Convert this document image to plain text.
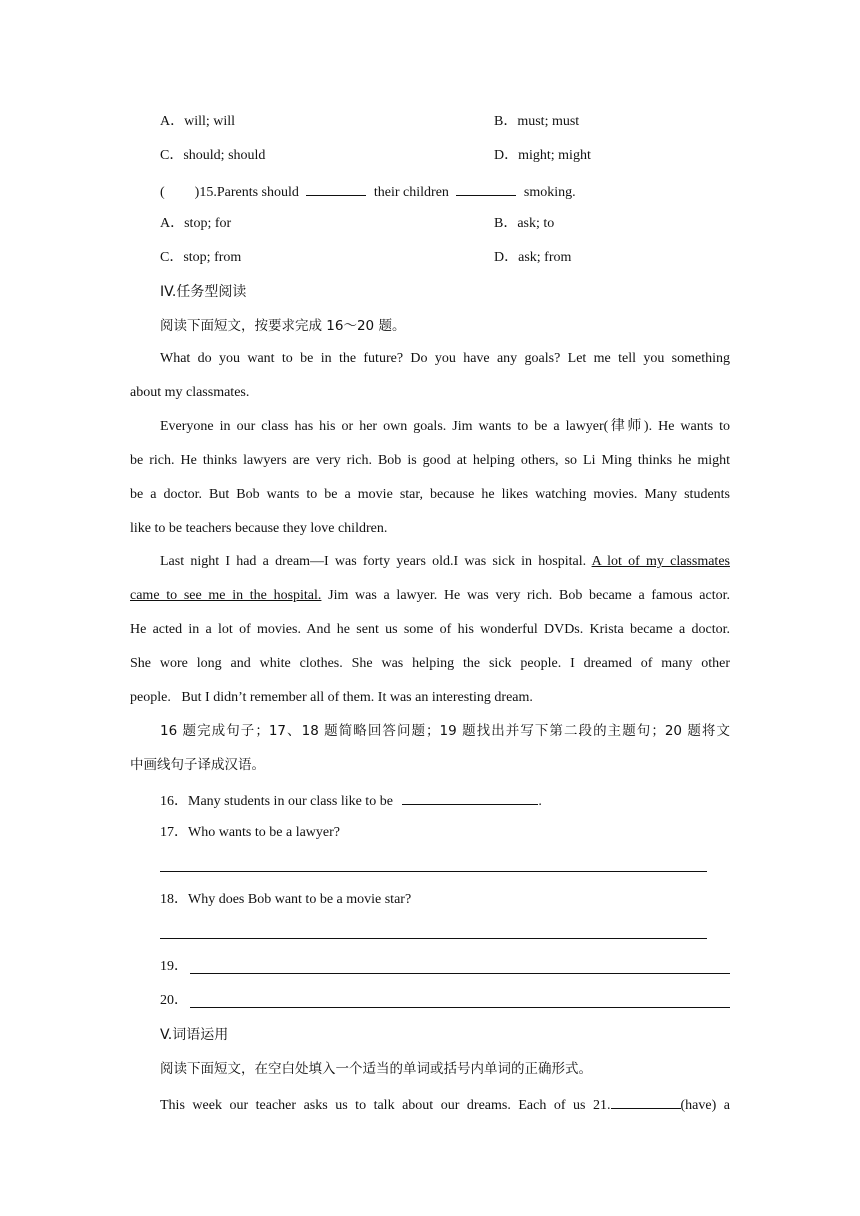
A．will; will	B．must; must
C．should; should	D．might; might
( )15.Parents should	their children	smoking.
A．stop; for	B．ask; to
C．stop; from	D．ask; from
IV.任务型阅读
阅读下面短文，按要求完成 16～20 题。
What do you want to be in the future? Do you have any goals? Let me tell you something
about my classmates.
Everyone in our class has his or her own goals. Jim wants to be a lawyer(律师). He wants to
be rich. He thinks lawyers are very rich. Bob is good at helping others, so Li Ming thinks he might
be a doctor. But Bob wants to be a movie star, because he likes watching movies. Many students
like to be teachers because they love children.
Last night I had a dream—I was forty years old.I was sick in hospital. A lot of my classmates
came to see me in the hospital. Jim was a lawyer. He was very rich. Bob became a famous actor.
He acted in a lot of movies. And he sent us some of his wonderful DVDs. Krista became a doctor.
She wore long and white clothes. She was helping the sick people. I dreamed of many other
people.   But I didn’t remember all of them. It was an interesting dream.
16 题完成句子；17、18 题简略回答问题；19 题找出并写下第二段的主题句；20 题将文
中画线句子译成汉语。
16．Many students in our class like to be	.
17．Who wants to be a lawyer?
18．Why does Bob want to be a movie star?
19．
20．
V.词语运用
阅读下面短文，在空白处填入一个适当的单词或括号内单词的正确形式。
This week our teacher asks us to talk about our dreams. Each of us 21.	(have) a
